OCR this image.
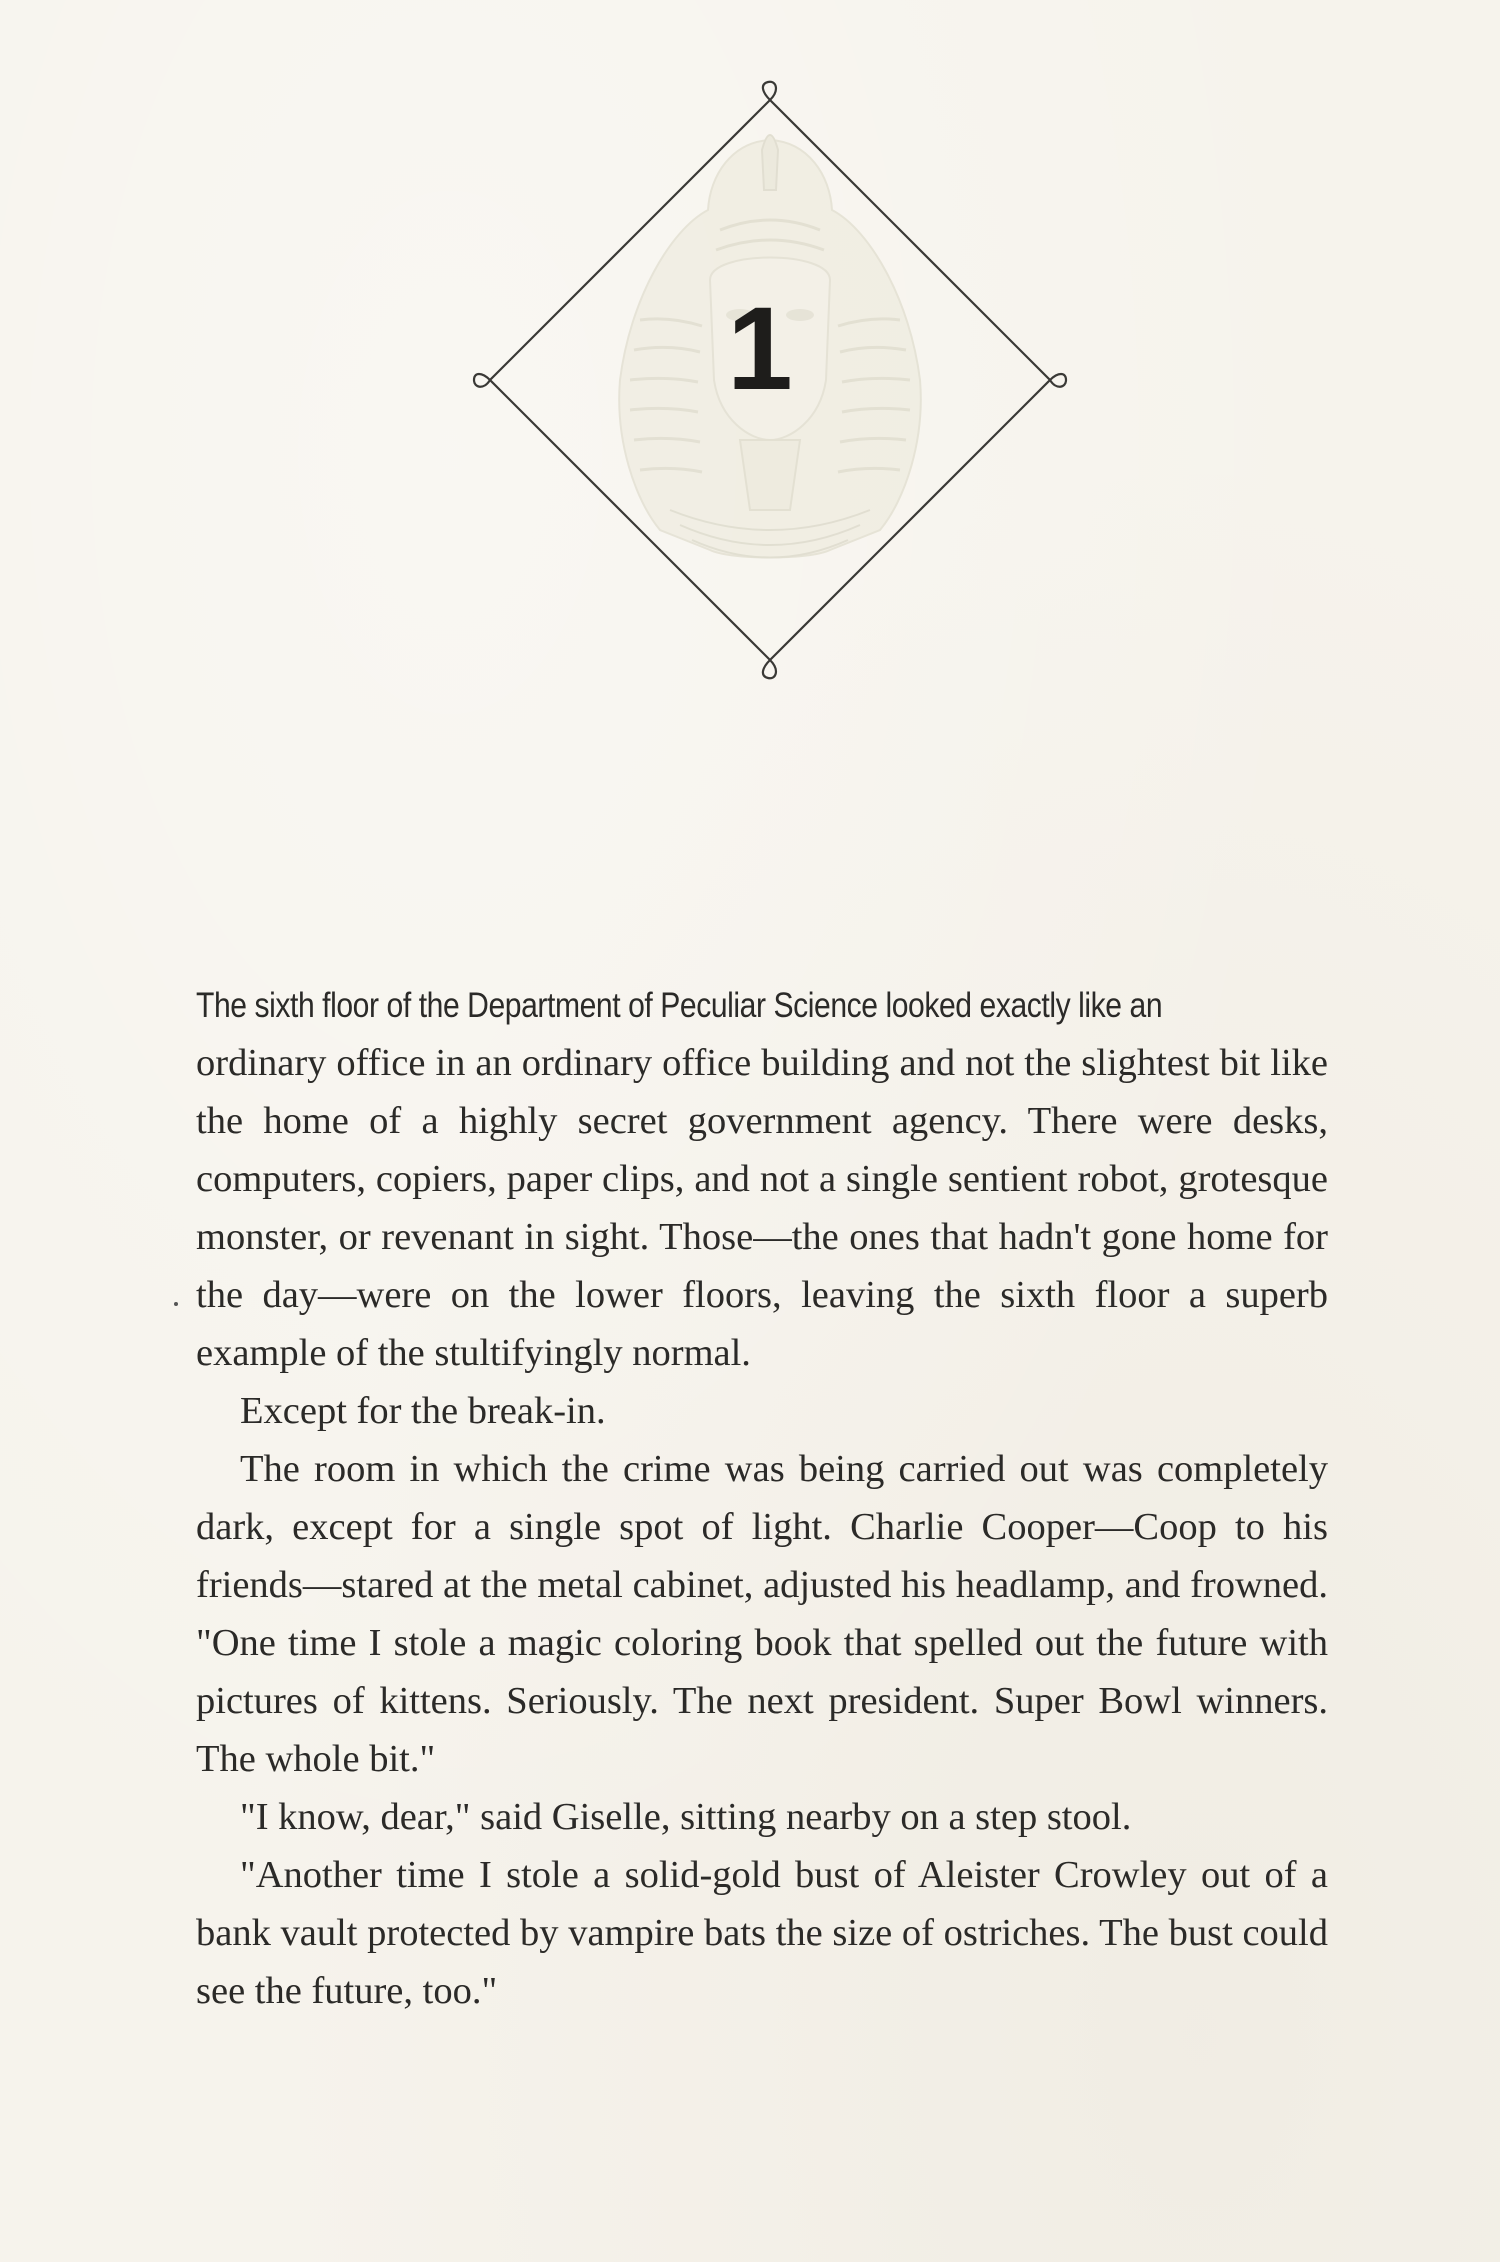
1

The sixth floor of the Department of Peculiar Science looked exactly like an
ordinary office in an ordinary office building and not the slightest bit like the home of a highly secret government agency. There were desks, computers, copiers, paper clips, and not a single sentient robot, grotesque monster, or revenant in sight. Those—the ones that hadn't gone home for the day—were on the lower floors, leaving the sixth floor a superb example of the stultifyingly normal.

Except for the break-in.

The room in which the crime was being carried out was completely dark, except for a single spot of light. Charlie Cooper—Coop to his friends—stared at the metal cabinet, adjusted his headlamp, and frowned. "One time I stole a magic coloring book that spelled out the future with pictures of kittens. Seriously. The next president. Super Bowl winners. The whole bit."

"I know, dear," said Giselle, sitting nearby on a step stool.

"Another time I stole a solid-gold bust of Aleister Crowley out of a bank vault protected by vampire bats the size of ostriches. The bust could see the future, too."
